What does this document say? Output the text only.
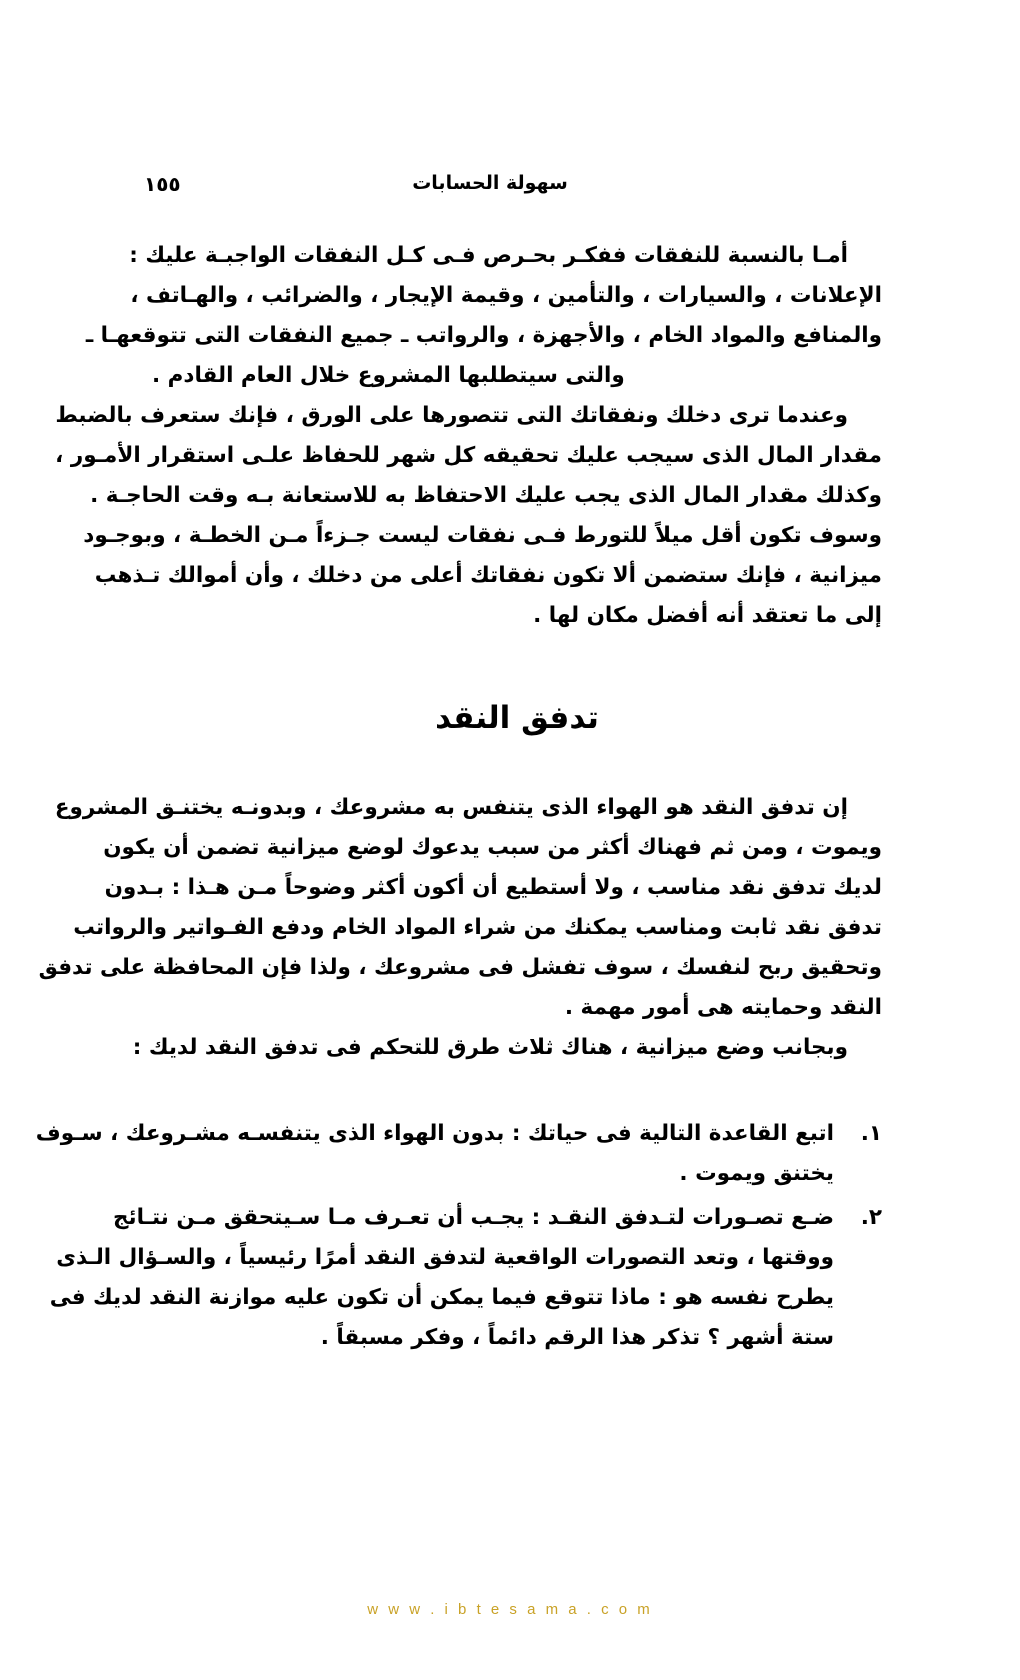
١٥٥	سهولة الحسابات
أمـا بالنسبة للنفقات ففكـر بحـرص فـى كـل النفقات الواجبـة عليك :
الإعلانات ، والسيارات ، والتأمين ، وقيمة الإيجار ، والضرائب ، والهـاتف ،
والمنافع والمواد الخام ، والأجهزة ، والرواتب ـ جميع النفقات التى تتوقعهـا ـ
والتى سيتطلبها المشروع خلال العام القادم .
وعندما ترى دخلك ونفقاتك التى تتصورها على الورق ، فإنك ستعرف بالضبط
مقدار المال الذى سيجب عليك تحقيقه كل شهر للحفاظ علـى استقرار الأمـور ،
وكذلك مقدار المال الذى يجب عليك الاحتفاظ به للاستعانة بـه وقت الحاجـة .
وسوف تكون أقل ميلاً للتورط فـى نفقات ليست جـزءاً مـن الخطـة ، وبوجـود
ميزانية ، فإنك ستضمن ألا تكون نفقاتك أعلى من دخلك ، وأن أموالك تـذهب
إلى ما تعتقد أنه أفضل مكان لها .
تدفق النقد
إن تدفق النقد هو الهواء الذى يتنفس به مشروعك ، وبدونـه يختنـق المشروع
ويموت ، ومن ثم فهناك أكثر من سبب يدعوك لوضع ميزانية تضمن أن يكون
لديك تدفق نقد مناسب ، ولا أستطيع أن أكون أكثر وضوحاً مـن هـذا : بـدون
تدفق نقد ثابت ومناسب يمكنك من شراء المواد الخام ودفع الفـواتير والرواتب
وتحقيق ربح لنفسك ، سوف تفشل فى مشروعك ، ولذا فإن المحافظة على تدفق
النقد وحمايته هى أمور مهمة .
وبجانب وضع ميزانية ، هناك ثلاث طرق للتحكم فى تدفق النقد لديك :
١.
اتبع القاعدة التالية فى حياتك : بدون الهواء الذى يتنفسـه مشـروعك ، سـوف
يختنق ويموت .
٢.
ضـع تصـورات لتـدفق النقـد : يجـب أن تعـرف مـا سـيتحقق مـن نتـائج
ووقتها ، وتعد التصورات الواقعية لتدفق النقد أمرًا رئيسياً ، والسـؤال الـذى
يطرح نفسه هو : ماذا تتوقع فيما يمكن أن تكون عليه موازنة النقد لديك فى
ستة أشهر ؟ تذكر هذا الرقم دائماً ، وفكر مسبقاً .
w w w . i b t e s a m a . c o m
